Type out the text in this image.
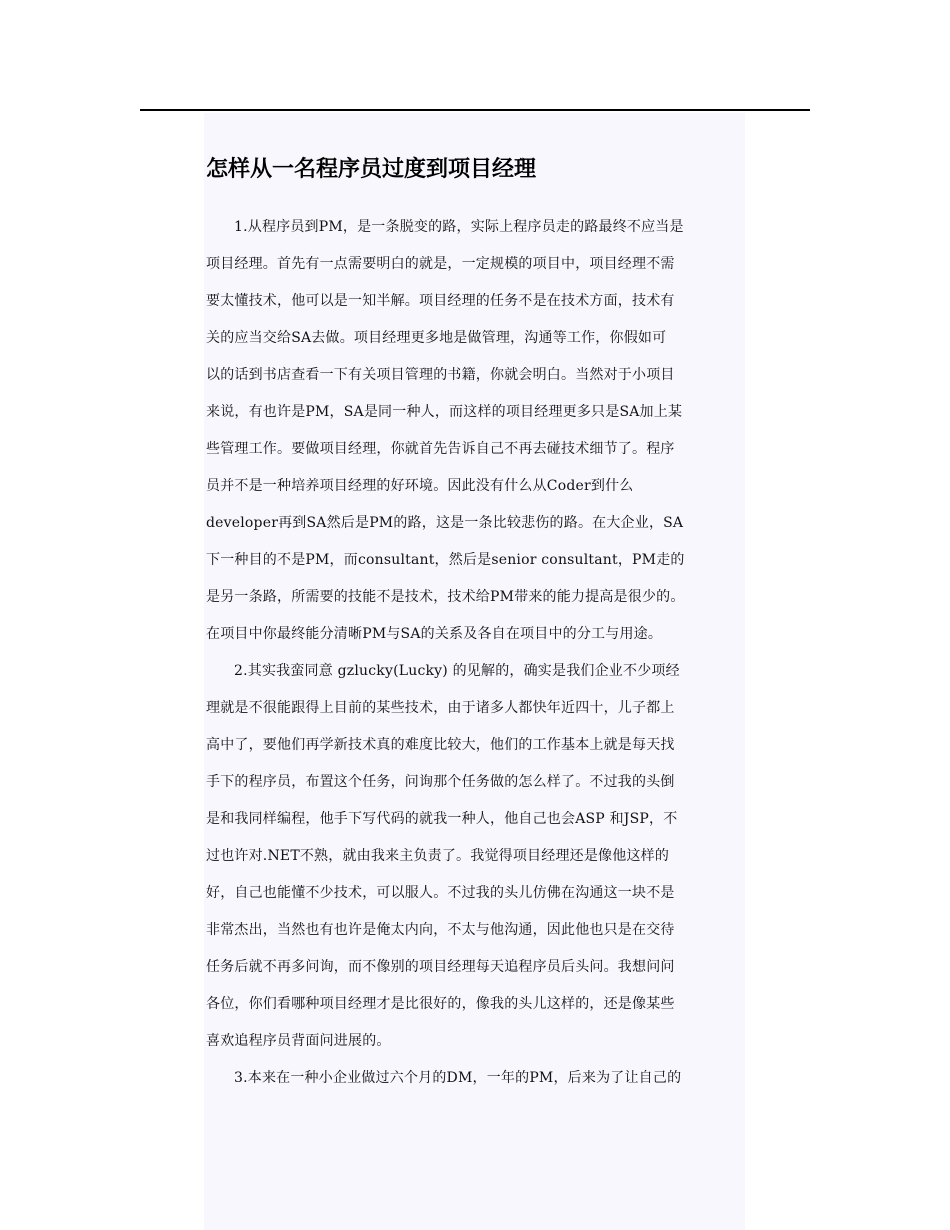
怎样从一名程序员过度到项目经理
1.从程序员到PM，是一条脱变的路，实际上程序员走的路最终不应当是
项目经理。首先有一点需要明白的就是，一定规模的项目中，项目经理不需
要太懂技术，他可以是一知半解。项目经理的任务不是在技术方面，技术有
关的应当交给SA去做。项目经理更多地是做管理，沟通等工作，你假如可
以的话到书店查看一下有关项目管理的书籍，你就会明白。当然对于小项目
来说，有也许是PM，SA是同一种人，而这样的项目经理更多只是SA加上某
些管理工作。要做项目经理，你就首先告诉自己不再去碰技术细节了。程序
员并不是一种培养项目经理的好环境。因此没有什么从Coder到什么
developer再到SA然后是PM的路，这是一条比较悲伤的路。在大企业，SA
下一种目的不是PM，而consultant，然后是senior consultant，PM走的
是另一条路，所需要的技能不是技术，技术给PM带来的能力提高是很少的。
在项目中你最终能分清晰PM与SA的关系及各自在项目中的分工与用途。
2.其实我蛮同意 gzlucky(Lucky) 的见解的，确实是我们企业不少项经
理就是不很能跟得上目前的某些技术，由于诸多人都快年近四十，儿子都上
高中了，要他们再学新技术真的难度比较大，他们的工作基本上就是每天找
手下的程序员，布置这个任务，问询那个任务做的怎么样了。不过我的头倒
是和我同样编程，他手下写代码的就我一种人，他自己也会ASP 和JSP，不
过也许对.NET不熟，就由我来主负责了。我觉得项目经理还是像他这样的
好，自己也能懂不少技术，可以服人。不过我的头儿仿佛在沟通这一块不是
非常杰出，当然也有也许是俺太内向，不太与他沟通，因此他也只是在交待
任务后就不再多问询，而不像别的项目经理每天追程序员后头问。我想问问
各位，你们看哪种项目经理才是比很好的，像我的头儿这样的，还是像某些
喜欢追程序员背面问进展的。
3.本来在一种小企业做过六个月的DM，一年的PM，后来为了让自己的
